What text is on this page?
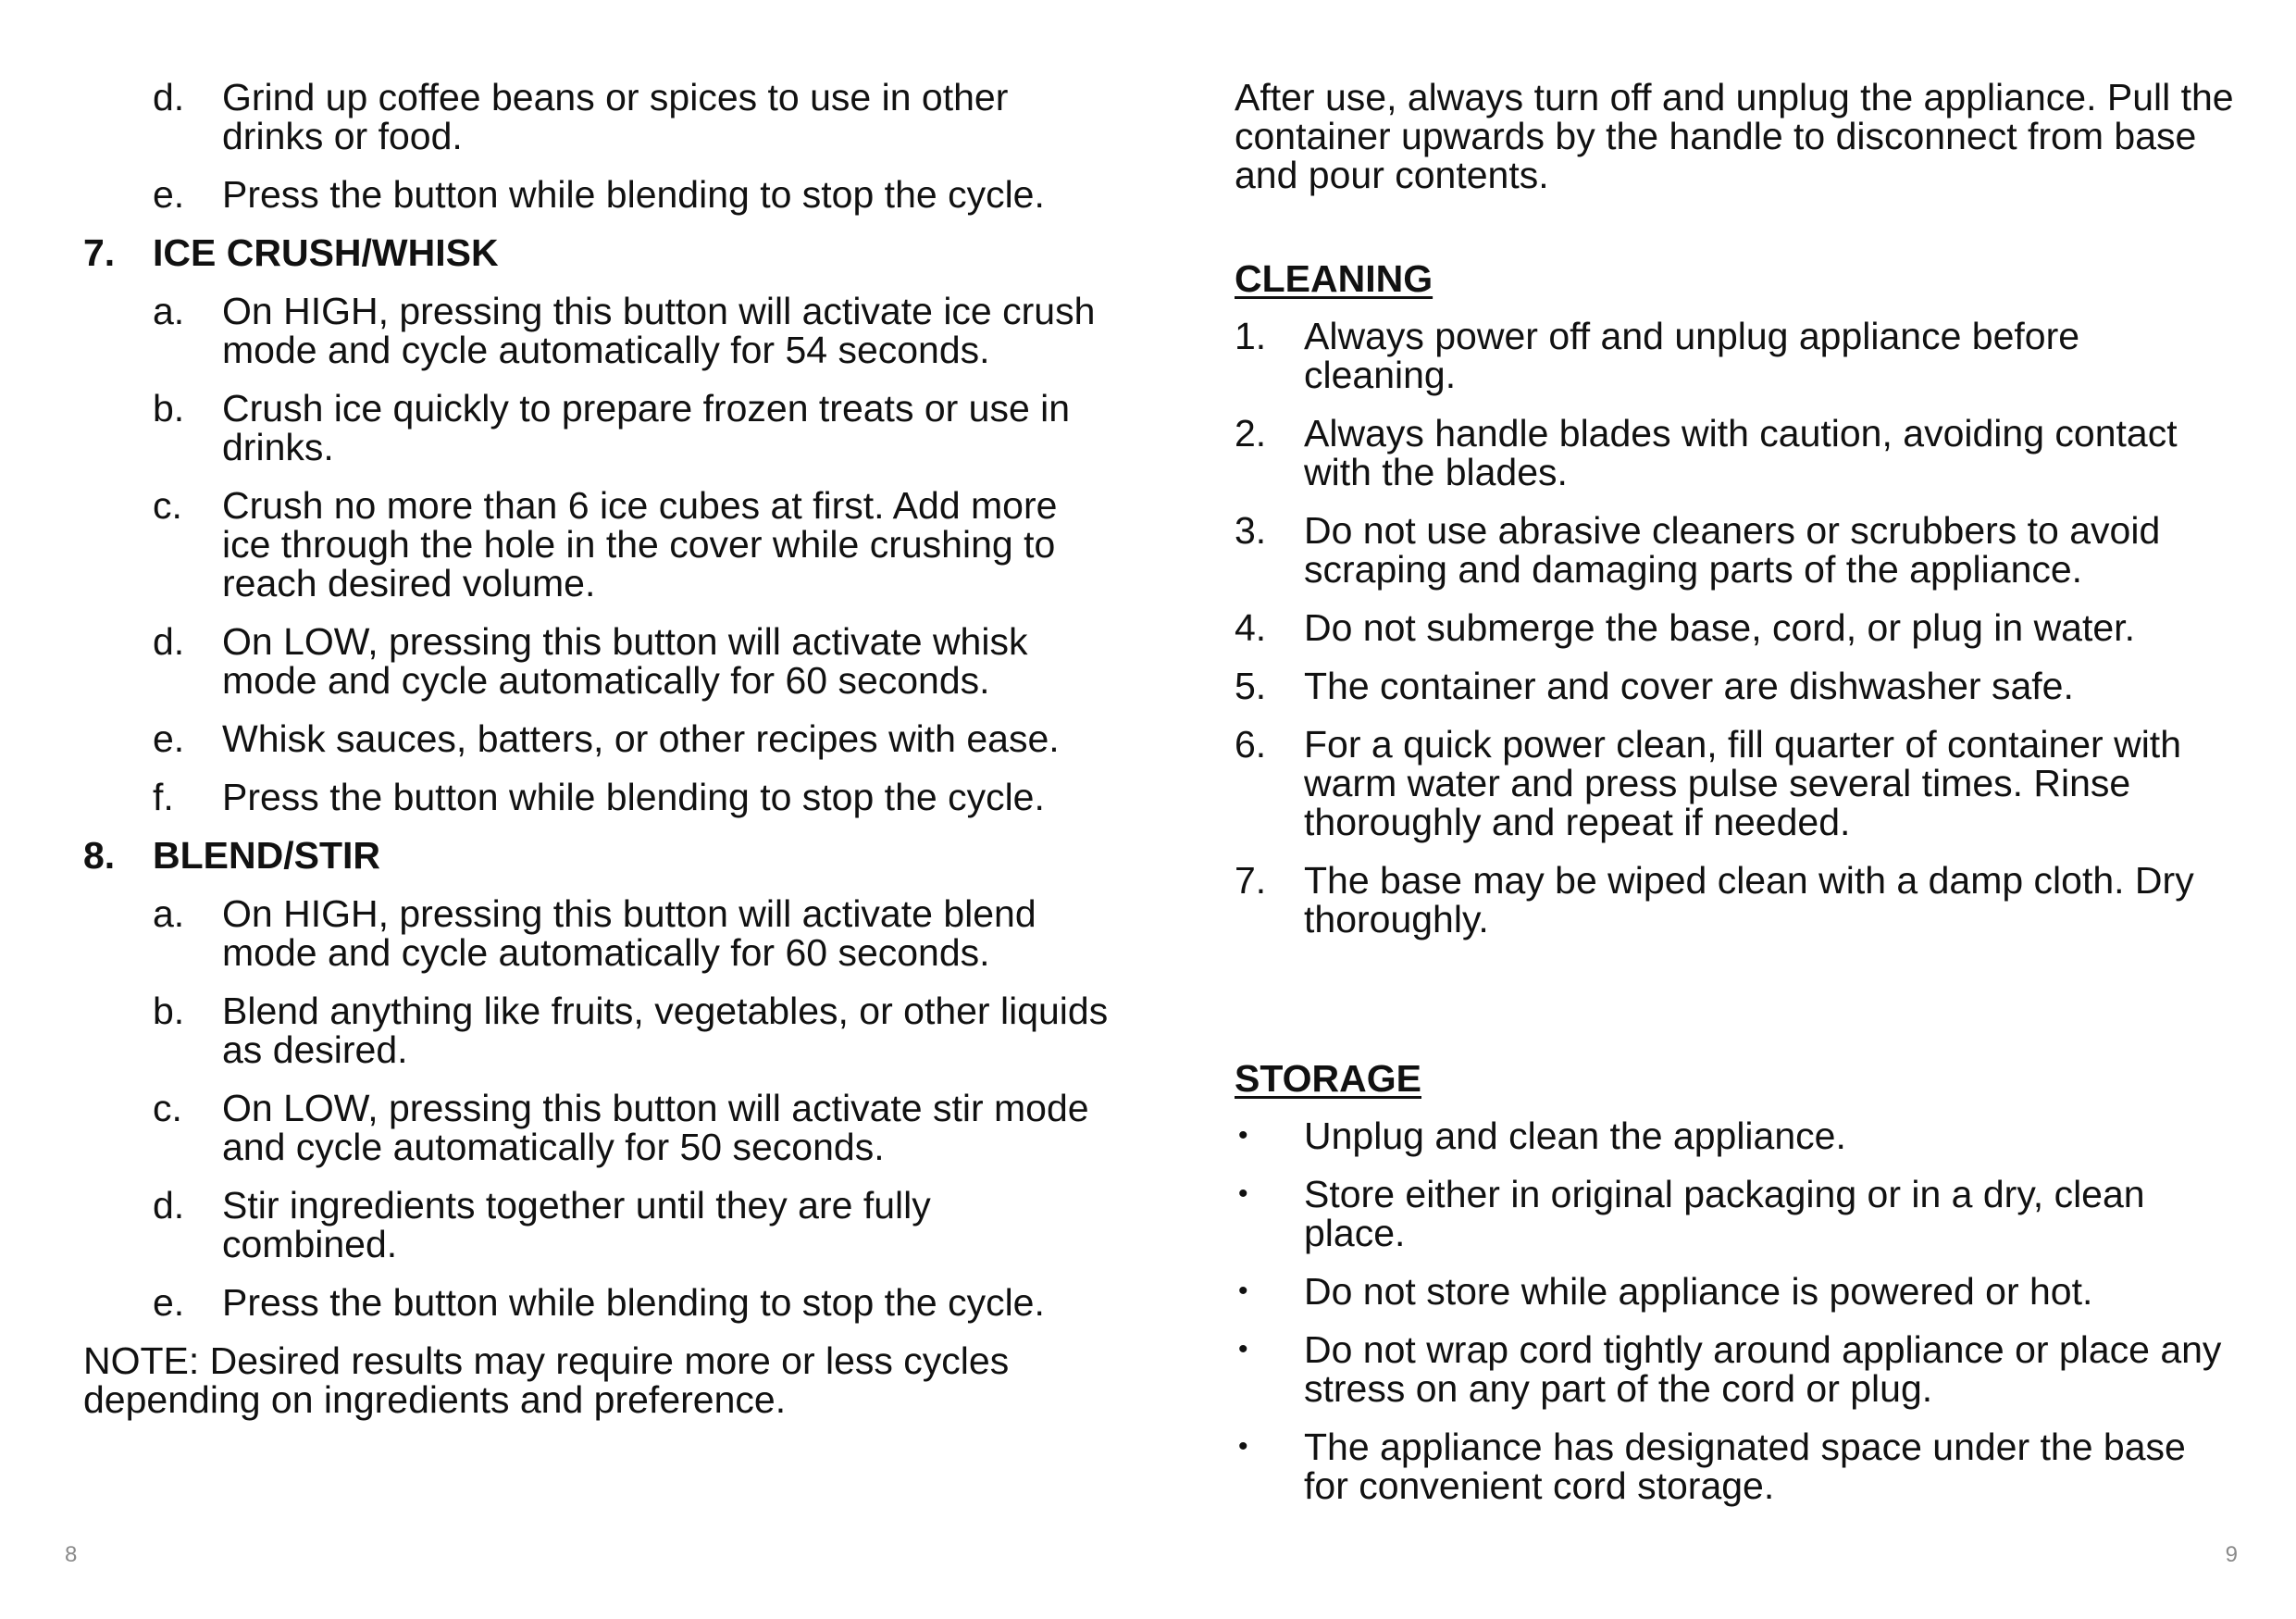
d. Grind up coffee beans or spices to use in other drinks or food.
e. Press the button while blending to stop the cycle.
7. ICE CRUSH/WHISK
a. On HIGH, pressing this button will activate ice crush mode and cycle automatically for 54 seconds.
b. Crush ice quickly to prepare frozen treats or use in drinks.
c.	Crush no more than 6 ice cubes at first. Add more ice through the hole in the cover while crushing to reach desired volume.
d. On LOW, pressing this button will activate whisk mode and cycle automatically for 60 seconds.
e. Whisk sauces, batters, or other recipes with ease.
f.	Press the button while blending to stop the cycle.
8. BLEND/STIR
a. On HIGH, pressing this button will activate blend mode and cycle automatically for 60 seconds.
b. Blend anything like fruits, vegetables, or other liquids as desired.
c.	On LOW, pressing this button will activate stir mode and cycle automatically for 50 seconds.
d. Stir ingredients together until they are fully combined.
e. Press the button while blending to stop the cycle.
NOTE: Desired results may require more or less cycles depending on ingredients and preference.
After use, always turn off and unplug the appliance. Pull the container upwards by the handle to disconnect from base and pour contents.
CLEANING
1. Always power off and unplug appliance before cleaning.
2. Always handle blades with caution, avoiding contact with the blades.
3. Do not use abrasive cleaners or scrubbers to avoid scraping and damaging parts of the appliance.
4. Do not submerge the base, cord, or plug in water.
5. The container and cover are dishwasher safe.
6. For a quick power clean, fill quarter of container with warm water and press pulse several times. Rinse thoroughly and repeat if needed.
7. The base may be wiped clean with a damp cloth. Dry thoroughly.
STORAGE
•	Unplug and clean the appliance.
•	Store either in original packaging or in a dry, clean place.
•	Do not store while appliance is powered or hot.
•	Do not wrap cord tightly around appliance or place any stress on any part of the cord or plug.
•	The appliance has designated space under the base for convenient cord storage.
8	9
